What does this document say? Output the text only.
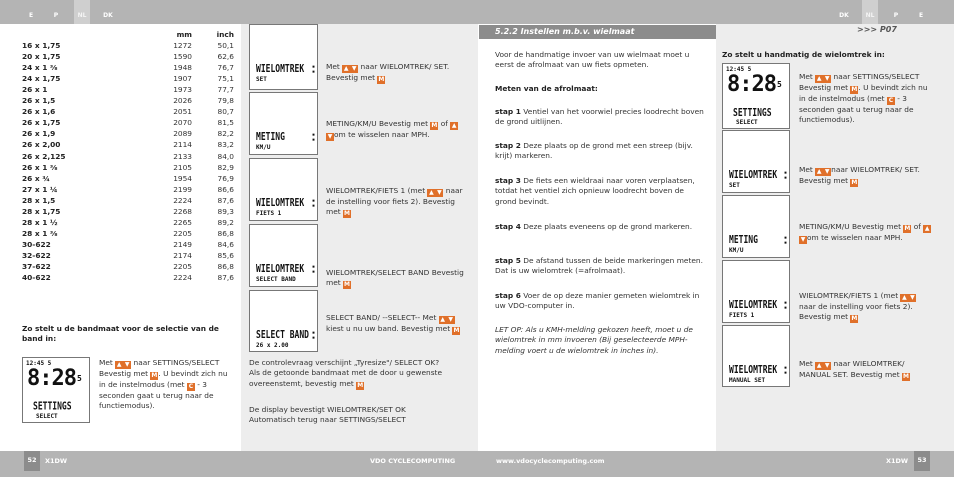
E	P	NL	DK	DK	NL	P	E
	mm	inch
16 x 1,75	1272	50,1
20 x 1,75	1590	62,6
24 x 1 ⅜	1948	76,7
24 x 1,75	1907	75,1
26 x 1	1973	77,7
26 x 1,5	2026	79,8
26 x 1,6	2051	80,7
26 x 1,75	2070	81,5
26 x 1,9	2089	82,2
26 x 2,00	2114	83,2
26 x 2,125	2133	84,0
26 x 1 ⅜	2105	82,9
26 x ¾	1954	76,9
27 x 1 ¼	2199	86,6
28 x 1,5	2224	87,6
28 x 1,75	2268	89,3
28 x 1 ½	2265	89,2
28 x 1 ⅜	2205	86,8
30-622	2149	84,6
32-622	2174	85,6
37-622	2205	86,8
40-622	2224	87,6
Zo stelt u de bandmaat voor de selectie van de band in:
12:45 5
8:28 5
SETTINGS
SELECT
Met ▲ ▼ naar SETTINGS/SELECT Bevestig met M. U bevindt zich nu in de instelmodus (met C - 3 seconden gaat u terug naar de functiemodus).
WIELOMTREK
SET
▪
▪
METING
KM/U
▪
▪
WIELOMTREK
FIETS 1
▪
▪
WIELOMTREK
SELECT BAND
▪
▪
SELECT BAND
26 x 2.00
▪
▪
Met ▲ ▼ naar WIELOMTREK/ SET. Bevestig met M
METING/KM/U Bevestig met M of ▲▼ om te wisselen naar MPH.
WIELOMTREK/FIETS 1 (met ▲ ▼ naar de instelling voor fiets 2). Bevestig met M
WIELOMTREK/SELECT BAND Bevestig met M
SELECT BAND/ --SELECT-- Met ▲ ▼ kiest u nu uw band. Bevestig met M
De controlevraag verschijnt „Tyresize"/ SELECT OK? Als de getoonde bandmaat met de door u gewenste overeenstemt, bevestig met M
De display bevestigt WIELOMTREK/SET OK Automatisch terug naar SETTINGS/SELECT
5.2.2 Instellen m.b.v. wielmaat	>>> P07
Voor de handmatige invoer van uw wielmaat moet u eerst de afrolmaat van uw fiets opmeten.
Meten van de afrolmaat:
stap 1 Ventiel van het voorwiel precies loodrecht boven de grond uitlijnen.
stap 2 Deze plaats op de grond met een streep (bijv. krijt) markeren.
stap 3 De fiets een wieldraai naar voren verplaatsen, totdat het ventiel zich opnieuw loodrecht boven de grond bevindt.
stap 4 Deze plaats eveneens op de grond markeren.
stap 5 De afstand tussen de beide markeringen meten. Dat is uw wielomtrek (=afrolmaat).
stap 6 Voer de op deze manier gemeten wielomtrek in uw VDO-computer in.
LET OP: Als u KMH-melding gekozen heeft, moet u de wielomtrek in mm invoeren (Bij geselecteerde MPH-melding voert u de wielomtrek in inches in).
Zo stelt u handmatig de wielomtrek in:
12:45 5
8:28 5
SETTINGS
SELECT
WIELOMTREK
SET
▪
▪
METING
KM/U
▪
▪
WIELOMTREK
FIETS 1
▪
▪
WIELOMTREK
MANUAL SET
▪
▪
Met ▲ ▼ naar SETTINGS/SELECT Bevestig met M. U bevindt zich nu in de instelmodus (met C - 3 seconden gaat u terug naar de functiemodus).
Met ▲ ▼ naar WIELOMTREK/ SET. Bevestig met M
METING/KM/U Bevestig met M of ▲▼ om te wisselen naar MPH.
WIELOMTREK/FIETS 1 (met ▲ ▼ naar de instelling voor fiets 2). Bevestig met M
Met ▲ ▼ naar WIELOMTREK/ MANUAL SET. Bevestig met M
52	X1DW	VDO CYCLECOMPUTING	www.vdocyclecomputing.com	X1DW	53
